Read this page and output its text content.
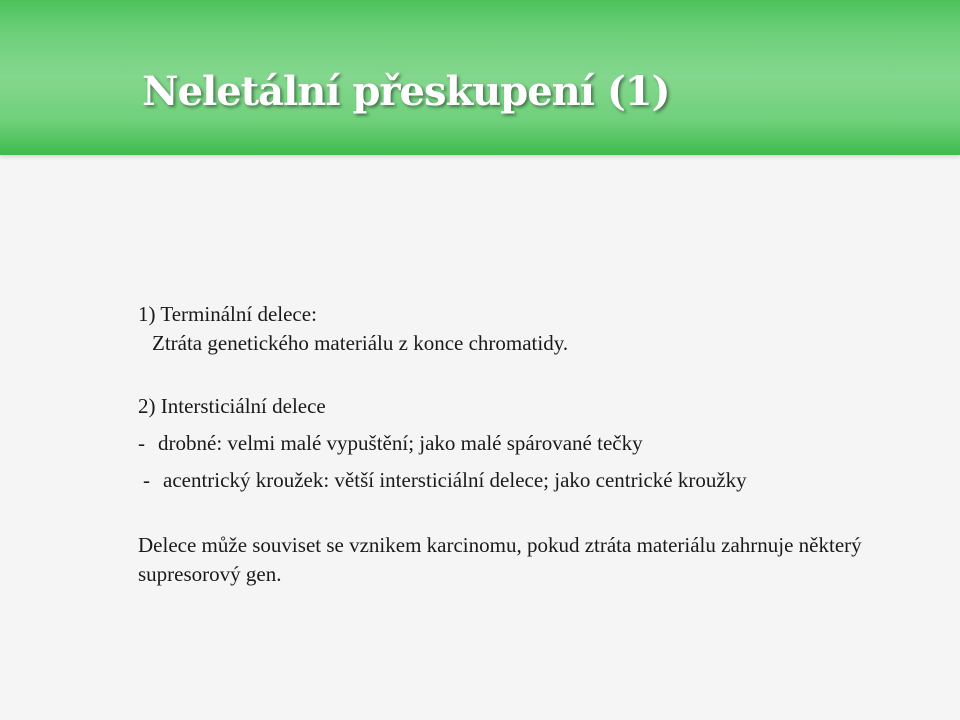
Neletální přeskupení (1)
1) Terminální delece:
Ztráta genetického materiálu z konce chromatidy.
2) Intersticiální delece
- drobné: velmi malé vypuštění; jako malé spárované tečky
- acentrický kroužek: větší intersticiální delece; jako centrické kroužky
Delece může souviset se vznikem karcinomu, pokud ztráta materiálu zahrnuje některý supresorový gen.
